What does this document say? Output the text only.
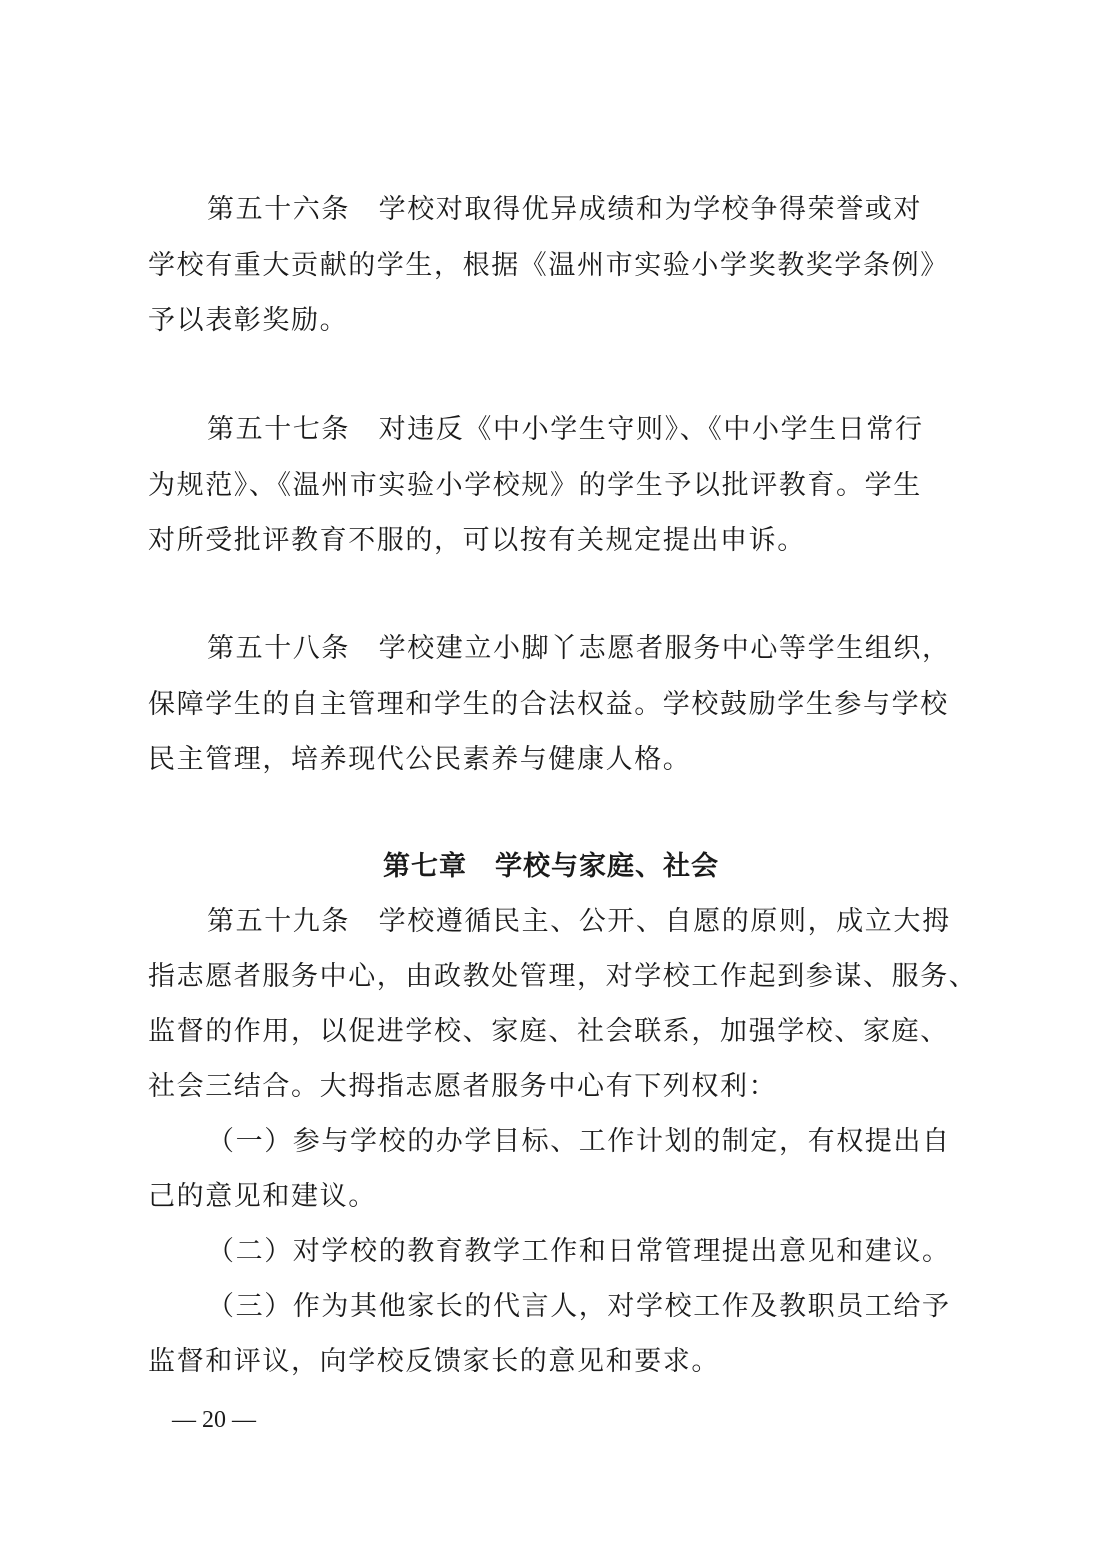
第五十六条　学校对取得优异成绩和为学校争得荣誉或对
学校有重大贡献的学生，根据《温州市实验小学奖教奖学条例》
予以表彰奖励。
第五十七条　对违反《中小学生守则》、《中小学生日常行
为规范》、《温州市实验小学校规》的学生予以批评教育。学生
对所受批评教育不服的，可以按有关规定提出申诉。
第五十八条　学校建立小脚丫志愿者服务中心等学生组织，
保障学生的自主管理和学生的合法权益。学校鼓励学生参与学校
民主管理，培养现代公民素养与健康人格。
第七章　学校与家庭、社会
第五十九条　学校遵循民主、公开、自愿的原则，成立大拇
指志愿者服务中心，由政教处管理，对学校工作起到参谋、服务、
监督的作用，以促进学校、家庭、社会联系，加强学校、家庭、
社会三结合。大拇指志愿者服务中心有下列权利：
（一）参与学校的办学目标、工作计划的制定，有权提出自
己的意见和建议。
（二）对学校的教育教学工作和日常管理提出意见和建议。
（三）作为其他家长的代言人，对学校工作及教职员工给予
监督和评议，向学校反馈家长的意见和要求。
— 20 —
